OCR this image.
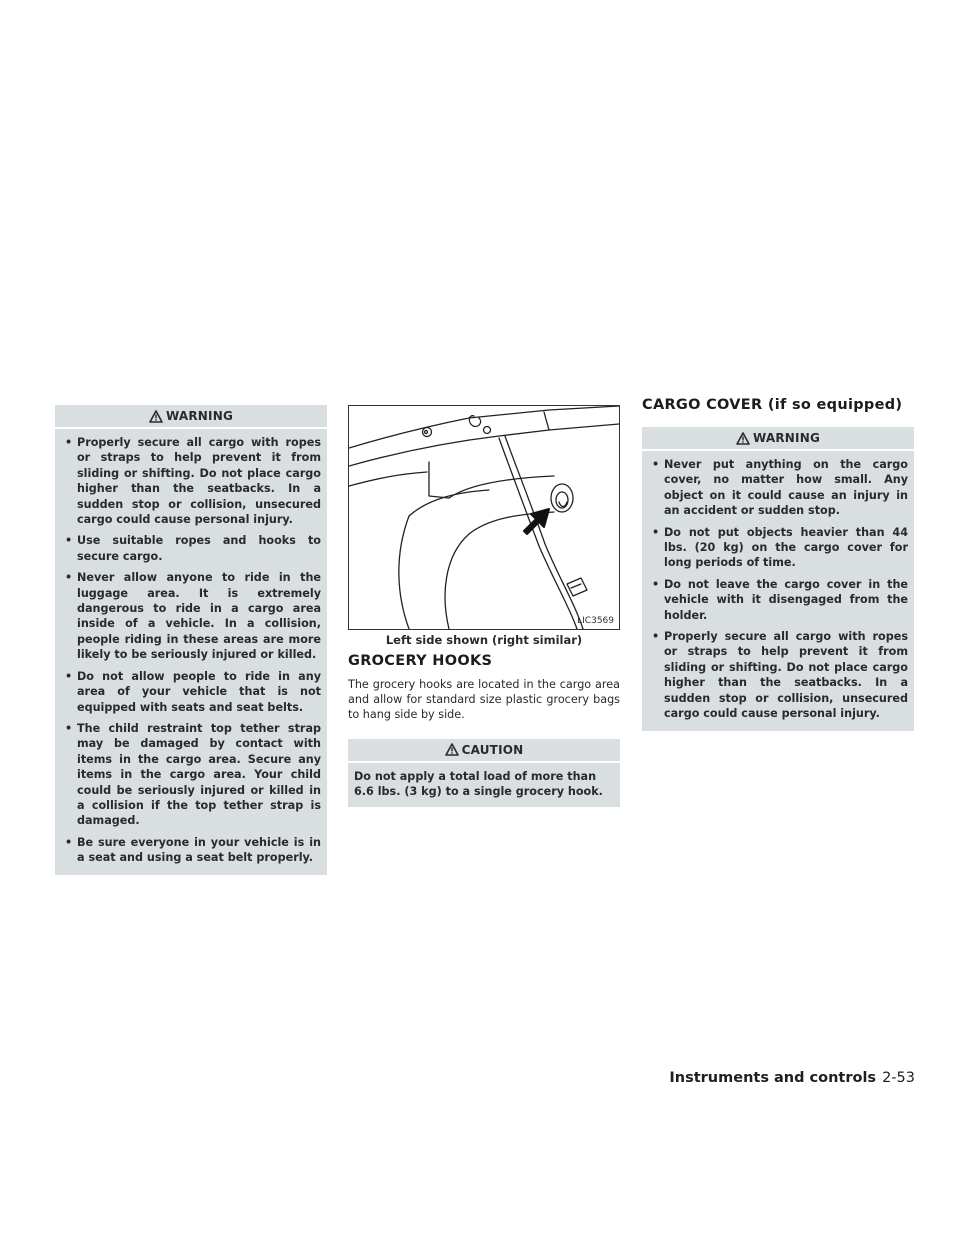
WARNING
• Properly secure all cargo with ropes or straps to help prevent it from sliding or shifting. Do not place cargo higher than the seatbacks. In a sudden stop or collision, unsecured cargo could cause personal injury.
• Use suitable ropes and hooks to secure cargo.
• Never allow anyone to ride in the luggage area. It is extremely dangerous to ride in a cargo area inside of a vehicle. In a collision, people riding in these areas are more likely to be seriously injured or killed.
• Do not allow people to ride in any area of your vehicle that is not equipped with seats and seat belts.
• The child restraint top tether strap may be damaged by contact with items in the cargo area. Secure any items in the cargo area. Your child could be seriously injured or killed in a collision if the top tether strap is damaged.
• Be sure everyone in your vehicle is in a seat and using a seat belt properly.
LIC3569
Left side shown (right similar)
GROCERY HOOKS

The grocery hooks are located in the cargo area and allow for standard size plastic grocery bags to hang side by side.

CAUTION

Do not apply a total load of more than 6.6 lbs. (3 kg) to a single grocery hook.

CARGO COVER (if so equipped)
WARNING
• Never put anything on the cargo cover, no matter how small. Any object on it could cause an injury in an accident or sudden stop.
• Do not put objects heavier than 44 lbs. (20 kg) on the cargo cover for long periods of time.
• Do not leave the cargo cover in the vehicle with it disengaged from the holder.
• Properly secure all cargo with ropes or straps to help prevent it from sliding or shifting. Do not place cargo higher than the seatbacks. In a sudden stop or collision, unsecured cargo could cause personal injury.
Instruments and controls 2-53
